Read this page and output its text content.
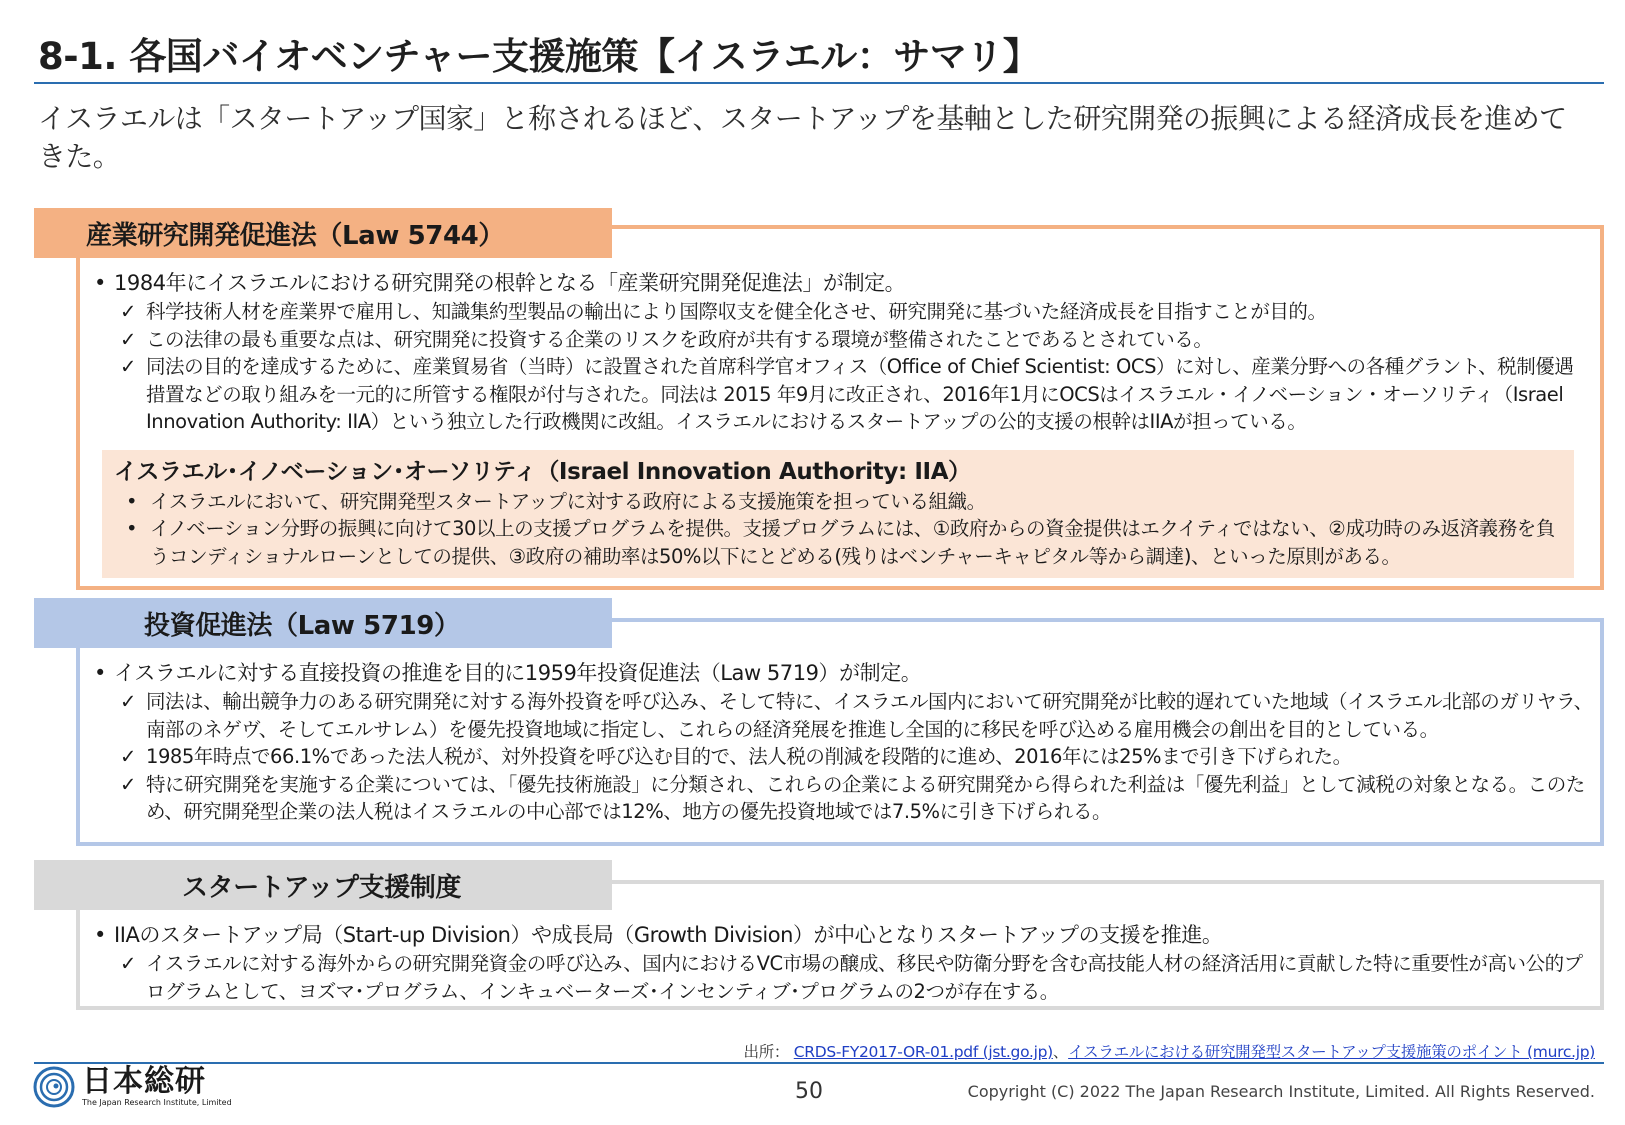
8-1. 各国バイオベンチャー支援施策【イスラエル：サマリ】
イスラエルは「スタートアップ国家」と称されるほど、スタートアップを基軸とした研究開発の振興による経済成長を進めてきた。
産業研究開発促進法（Law 5744）
• 1984年にイスラエルにおける研究開発の根幹となる「産業研究開発促進法」が制定。
✓ 科学技術人材を産業界で雇用し、知識集約型製品の輸出により国際収支を健全化させ、研究開発に基づいた経済成長を目指すことが目的。
✓ この法律の最も重要な点は、研究開発に投資する企業のリスクを政府が共有する環境が整備されたことであるとされている。
✓ 同法の目的を達成するために、産業貿易省（当時）に設置された首席科学官オフィス（Office of Chief Scientist: OCS）に対し、産業分野への各種グラント、税制優遇措置などの取り組みを一元的に所管する権限が付与された。同法は 2015 年9月に改正され、2016年1月にOCSはイスラエル・イノベーション・オーソリティ（Israel Innovation Authority: IIA）という独立した行政機関に改組。イスラエルにおけるスタートアップの公的支援の根幹はIIAが担っている。
イスラエル･イノベーション･オーソリティ（Israel Innovation Authority: IIA）
• イスラエルにおいて、研究開発型スタートアップに対する政府による支援施策を担っている組織。
• イノベーション分野の振興に向けて30以上の支援プログラムを提供。支援プログラムには、①政府からの資金提供はエクイティではない、②成功時のみ返済義務を負うコンディショナルローンとしての提供、③政府の補助率は50%以下にとどめる(残りはベンチャーキャピタル等から調達)、といった原則がある。
投資促進法（Law 5719）
• イスラエルに対する直接投資の推進を目的に1959年投資促進法（Law 5719）が制定。
✓ 同法は、輸出競争力のある研究開発に対する海外投資を呼び込み、そして特に、イスラエル国内において研究開発が比較的遅れていた地域（イスラエル北部のガリヤラ、南部のネゲヴ、そしてエルサレム）を優先投資地域に指定し、これらの経済発展を推進し全国的に移民を呼び込める雇用機会の創出を目的としている。
✓ 1985年時点で66.1%であった法人税が、対外投資を呼び込む目的で、法人税の削減を段階的に進め、2016年には25%まで引き下げられた。
✓ 特に研究開発を実施する企業については、「優先技術施設」に分類され、これらの企業による研究開発から得られた利益は「優先利益」として減税の対象となる。このため、研究開発型企業の法人税はイスラエルの中心部では12%、地方の優先投資地域では7.5%に引き下げられる。
スタートアップ支援制度
• IIAのスタートアップ局（Start-up Division）や成長局（Growth Division）が中心となりスタートアップの支援を推進。
✓ イスラエルに対する海外からの研究開発資金の呼び込み、国内におけるVC市場の醸成、移民や防衛分野を含む高技能人材の経済活用に貢献した特に重要性が高い公的プログラムとして、ヨズマ･プログラム、インキュベーターズ･インセンティブ･プログラムの2つが存在する。
出所： CRDS-FY2017-OR-01.pdf (jst.go.jp)、イスラエルにおける研究開発型スタートアップ支援施策のポイント (murc.jp)
日本総研
The Japan Research Institute, Limited	50	Copyright (C) 2022 The Japan Research Institute, Limited. All Rights Reserved.
